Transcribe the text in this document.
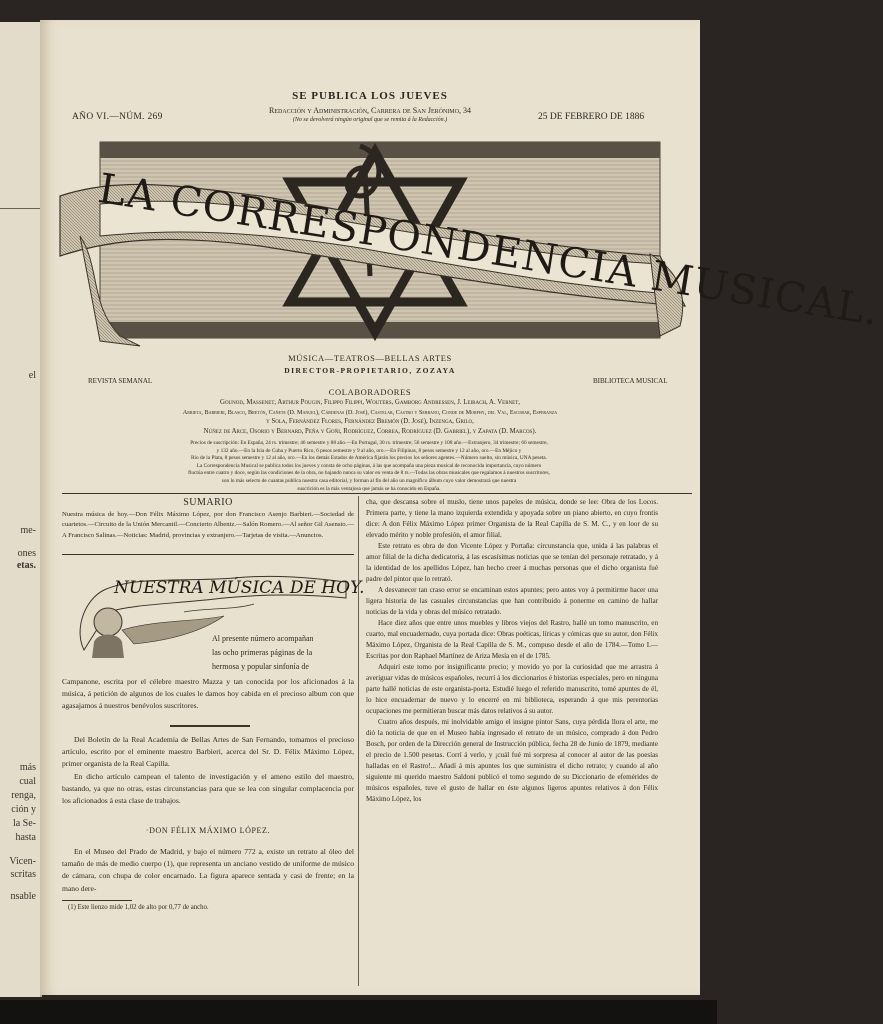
el
me-
ones
etas.
más
cual
renga,
ción y
la Se-
hasta
Vicen-
scritas
nsable
SE PUBLICA LOS JUEVES
AÑO VI.—NÚM. 269
Redacción y Administración, Carrera de San Jerónimo, 34
(No se devolverá ningún original que se remita á la Redacción.)	25 DE FEBRERO DE 1886
LA CORRESPONDENCIA MUSICAL.
MÚSICA—TEATROS—BELLAS ARTES
DIRECTOR-PROPIETARIO, ZOZAYA
REVISTA SEMANAL	BIBLIOTECA MUSICAL
COLABORADORES
Gounod, Massenet, Arthur Pougin, Filippo Filippi, Wouters, Gamborg Andressen, J. Leibach, A. Vernet,
Arrieta, Barbieri, Blasco, Bretón, Cañete (D. Manuel), Cárdenas (D. José), Castelar, Castro y Serrano, Conde de Morphy, del Val, Escobar, Esperanza
y Sola, Fernández Flores, Fernández Bremón (D. José), Inzenga, Grilo,
Núñez de Arce, Osorio y Bernard, Peña y Goñi, Rodríguez, Correa, Rodríguez (D. Gabriel), y Zapata (D. Marcos).
Precios de suscripción: En España, 24 rs. trimestre; 46 semestre y 88 año.—En Portugal, 30 rs. trimestre; 56 semestre y 108 año.—Extranjero, 34 trimestre; 66 semestre,
y 132 año.—En la Isla de Cuba y Puerto Rico, 6 pesos semestre y 9 al año, oro.—En Filipinas, 8 pesos semestre y 12 al año, oro.—En Méjico y
Río de la Plata, 8 pesos semestre y 12 al año, oro.—En los demás Estados de América fijarán los precios los señores agentes.—Número suelto, sin música, UNA peseta.
La Correspondencia Musical se publica todos los jueves y consta de ocho páginas, á las que acompaña una pieza musical de reconocida importancia, cuyo número
fluctúa entre cuatro y doce, según las condiciones de la obra, no bajando nunca su valor en venta de 8 rs.—Todas las obras musicales que regalamos á nuestros suscritores,
son lo más selecto de cuantas publica nuestra casa editorial, y forman al fin del año un magnífico álbum cuyo valor demostrará que nuestra
suscrición es la más ventajosa que jamás se ha conocido en España.
SUMARIO
Nuestra música de hoy.—Don Félix Máximo López, por don Francisco Asenjo Barbieri.—Sociedad de cuartetos.—Circuito de la Unión Mercantil.—Concierto Albeniz.—Salón Romero.—Al señor Gil Asensio.—A Francisco Salinas.—Noticias: Madrid, provincias y extranjero.—Tarjetas de visita.—Anuncios.
NUESTRA MÚSICA DE HOY.
Al presente número acompañan
las ocho primeras páginas de la
hermosa y popular sinfonía de
Campanone, escrita por el célebre maestro Mazza y tan conocida por los aficionados á la música, á petición de algunos de los cuales le damos hoy cabida en el precioso album con que agasajamos á nuestros benévolos suscritores.

Del Boletín de la Real Academia de Bellas Artes de San Fernando, tomamos el precioso artículo, escrito por el eminente maestro Barbieri, acerca del Sr. D. Félix Máximo López, primer organista de la Real Capilla.

En dicho artículo campean el talento de investigación y el ameno estilo del maestro, bastando, ya que no otras, estas circunstancias para que se lea con singular complacencia por los aficionados á esta clase de trabajos.

·DON FÉLIX MÁXIMO LÓPEZ.

En el Museo del Prado de Madrid, y bajo el número 772 a, existe un retrato al óleo del tamaño de más de medio cuerpo (1), que representa un anciano vestido de uniforme de músico de cámara, con chupa de color encarnado. La figura aparece sentada y casi de frente; en la mano dere-

(1) Este lienzo mide 1,02 de alto por 0,77 de ancho.

cha, que descansa sobre el muslo, tiene unos papeles de música, donde se lee: Obra de los Locos. Primera parte, y tiene la mano izquierda extendida y apoyada sobre un piano abierto, en cuyo frontis dice: A don Félix Máximo López primer Organista de la Real Capilla de S. M. C., y en loor de su elevado mérito y noble profesión, el amor filial.

Este retrato es obra de don Vicente López y Portaña: circunstancia que, unida á las palabras el amor filial de la dicha dedicatoria, á las escasísimas noticias que se tenían del personaje retratado, y á la identidad de los apellidos López, han hecho creer á muchas personas que el dicho organista fué padre del pintor que lo retrató.

A desvanecer tan craso error se encaminan estos apuntes; pero antes voy á permitirme hacer una ligera historia de las casuales circunstancias que han contribuido á ponerme en camino de hallar noticias de la vida y obras del músico retratado.

Hace diez años que entre unos muebles y libros viejos del Rastro, hallé un tomo manuscrito, en cuarto, mal encuadernado, cuya portada dice: Obras poéticas, líricas y cómicas que su autor, don Félix Máximo López, Organista de la Real Capilla de S. M., compuso desde el año de 1784.—Tomo I.—Escritas por don Raphael Martínez de Ariza Mesía en el de 1785.

Adquirí este tomo por insignificante precio; y movido yo por la curiosidad que me arrastra á averiguar vidas de músicos españoles, recurrí á los diccionarios é historias especiales, pero en ninguna parte hallé noticias de este organista-poeta. Estudié luego el referido manuscrito, tomé apuntes de él, lo hice encuadernar de nuevo y lo encerré en mi biblioteca, esperando á que mis perentorias ocupaciones me permitieran buscar más datos relativos á su autor.

Cuatro años después, mi inolvidable amigo el insigne pintor Sans, cuya pérdida llora el arte, me dió la noticia de que en el Museo había ingresado el retrato de un músico, comprado á don Pedro Bosch, por orden de la Dirección general de Instrucción pública, fecha 28 de Junio de 1879, mediante el precio de 1.500 pesetas. Corrí á verlo, y ¡cuál fué mi sorpresa al conocer al autor de las poesías halladas en el Rastro!... Añadí á mis apuntes los que suministra el dicho retrato; y cuando al año siguiente mi querido maestro Saldoni publicó el tomo segundo de su Diccionario de efemérides de músicos españoles, tuve el gusto de hallar en éste algunos ligeros apuntes relativos á don Félix Máximo López, los
